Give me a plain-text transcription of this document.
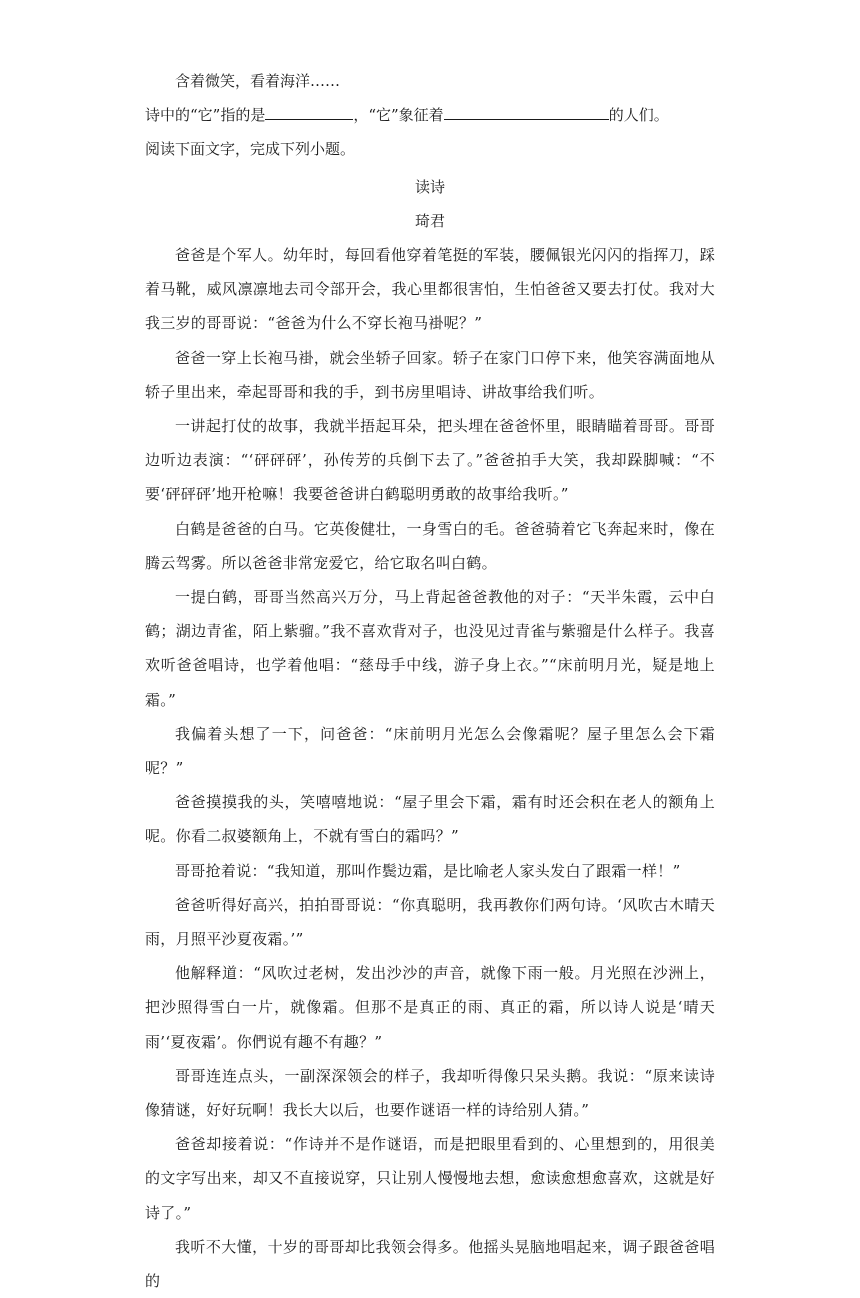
含着微笑，看着海洋……
诗中的“它”指的是	，“它”象征着	的人们。
阅读下面文字，完成下列小题。
读诗
琦君

爸爸是个军人。幼年时，每回看他穿着笔挺的军装，腰佩银光闪闪的指挥刀，踩着马靴，威风凛凛地去司令部开会，我心里都很害怕，生怕爸爸又要去打仗。我对大我三岁的哥哥说：“爸爸为什么不穿长袍马褂呢？”

爸爸一穿上长袍马褂，就会坐轿子回家。轿子在家门口停下来，他笑容满面地从轿子里出来，牵起哥哥和我的手，到书房里唱诗、讲故事给我们听。

一讲起打仗的故事，我就半捂起耳朵，把头埋在爸爸怀里，眼睛瞄着哥哥。哥哥边听边表演：“‘砰砰砰’，孙传芳的兵倒下去了。”爸爸拍手大笑，我却跺脚喊：“不要‘砰砰砰’地开枪嘛！我要爸爸讲白鹤聪明勇敢的故事给我听。”

白鹤是爸爸的白马。它英俊健壮，一身雪白的毛。爸爸骑着它飞奔起来时，像在腾云驾雾。所以爸爸非常宠爱它，给它取名叫白鹤。

一提白鹤，哥哥当然高兴万分，马上背起爸爸教他的对子：“天半朱霞，云中白鹤；湖边青雀，陌上紫骝。”我不喜欢背对子，也没见过青雀与紫骝是什么样子。我喜欢听爸爸唱诗，也学着他唱：“慈母手中线，游子身上衣。”“床前明月光，疑是地上霜。”

我偏着头想了一下，问爸爸：“床前明月光怎么会像霜呢？屋子里怎么会下霜呢？”

爸爸摸摸我的头，笑嘻嘻地说：“屋子里会下霜，霜有时还会积在老人的额角上呢。你看二叔婆额角上，不就有雪白的霜吗？”

哥哥抢着说：“我知道，那叫作鬓边霜，是比喻老人家头发白了跟霜一样！”

爸爸听得好高兴，拍拍哥哥说：“你真聪明，我再教你们两句诗。‘风吹古木晴天雨，月照平沙夏夜霜。’”

他解释道：“风吹过老树，发出沙沙的声音，就像下雨一般。月光照在沙洲上，把沙照得雪白一片，就像霜。但那不是真正的雨、真正的霜，所以诗人说是‘晴天雨’‘夏夜霜’。你們说有趣不有趣？”

哥哥连连点头，一副深深领会的样子，我却听得像只呆头鹅。我说：“原来读诗像猜谜，好好玩啊！我长大以后，也要作谜语一样的诗给别人猜。”

爸爸却接着说：“作诗并不是作谜语，而是把眼里看到的、心里想到的，用很美的文字写出来，却又不直接说穿，只让别人慢慢地去想，愈读愈想愈喜欢，这就是好诗了。”

我听不大懂，十岁的哥哥却比我领会得多。他摇头晃脑地唱起来，调子跟爸爸唱的
